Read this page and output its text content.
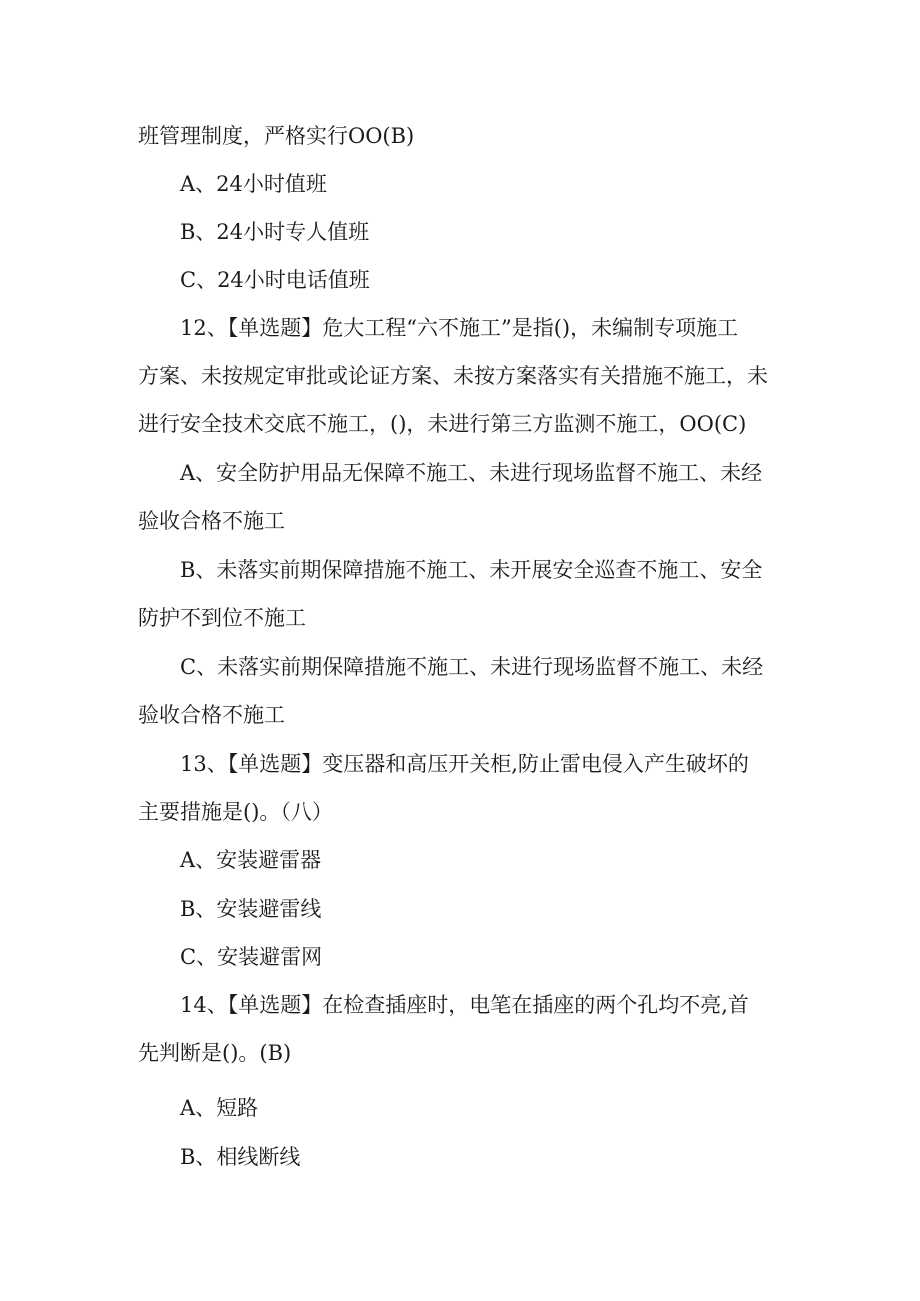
班管理制度，严格实行OO(B)
A、24小时值班
B、24小时专人值班
C、24小时电话值班
12、【单选题】危大工程“六不施工”是指()，未编制专项施工
方案、未按规定审批或论证方案、未按方案落实有关措施不施工，未
进行安全技术交底不施工，()，未进行第三方监测不施工，OO(C)
A、安全防护用品无保障不施工、未进行现场监督不施工、未经
验收合格不施工
B、未落实前期保障措施不施工、未开展安全巡查不施工、安全
防护不到位不施工
C、未落实前期保障措施不施工、未进行现场监督不施工、未经
验收合格不施工
13、【单选题】变压器和高压开关柜,防止雷电侵入产生破坏的
主要措施是()。（八）
A、安装避雷器
B、安装避雷线
C、安装避雷网
14、【单选题】在检查插座时，电笔在插座的两个孔均不亮,首
先判断是()。(B)
A、短路
B、相线断线
